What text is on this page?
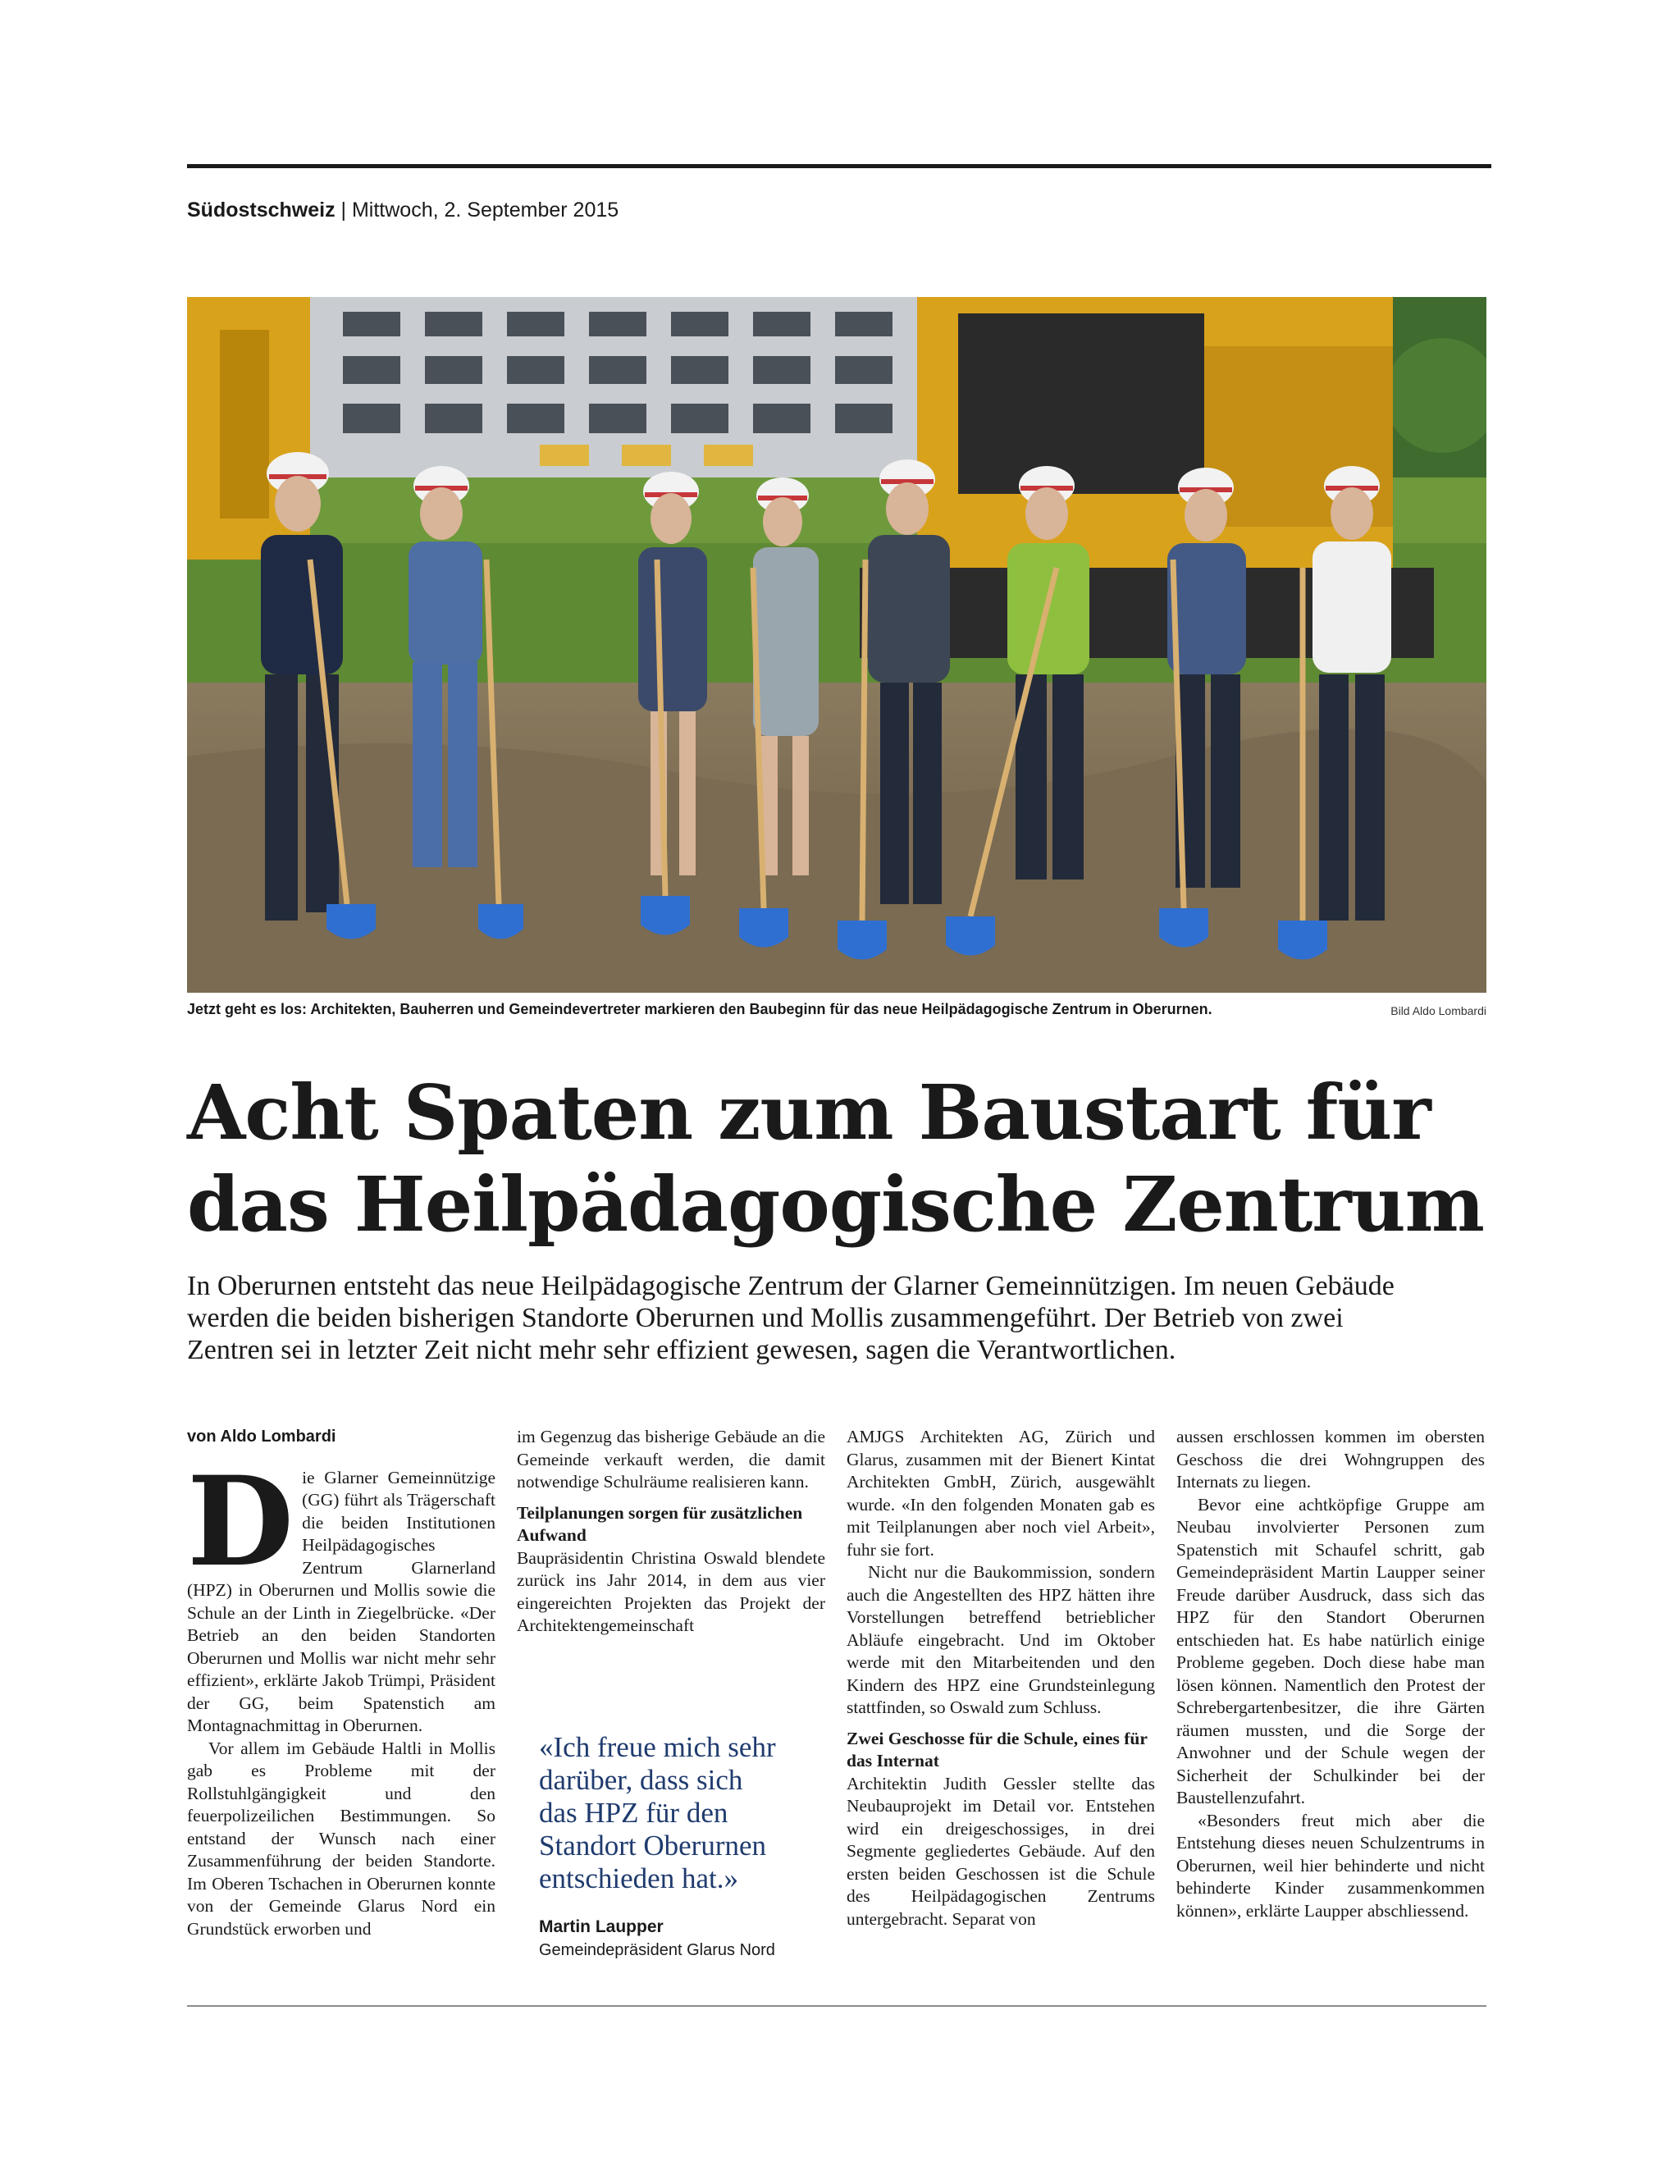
Südostschweiz | Mittwoch, 2. September 2015
Jetzt geht es los: Architekten, Bauherren und Gemeindevertreter markieren den Baubeginn für das neue Heilpädagogische Zentrum in Oberurnen.	Bild Aldo Lombardi
Acht Spaten zum Baustart für
das Heilpädagogische Zentrum
In Oberurnen entsteht das neue Heilpädagogische Zentrum der Glarner Gemeinnützigen. Im neuen Gebäude
werden die beiden bisherigen Standorte Oberurnen und Mollis zusammengeführt. Der Betrieb von zwei
Zentren sei in letzter Zeit nicht mehr sehr effizient gewesen, sagen die Verantwortlichen.
von Aldo Lombardi

Die Glarner Gemeinnützige (GG) führt als Trägerschaft die beiden Institutionen Heilpädagogisches Zentrum Glarnerland (HPZ) in Oberurnen und Mollis sowie die Schule an der Linth in Ziegelbrücke. «Der Betrieb an den beiden Standorten Oberurnen und Mollis war nicht mehr sehr effizient», erklärte Jakob Trümpi, Präsident der GG, beim Spatenstich am Montagnachmittag in Oberurnen.

Vor allem im Gebäude Haltli in Mollis gab es Probleme mit der Rollstuhlgängigkeit und den feuerpolizeilichen Bestimmungen. So entstand der Wunsch nach einer Zusammenführung der beiden Standorte. Im Oberen Tschachen in Oberurnen konnte von der Gemeinde Glarus Nord ein Grundstück erworben und

im Gegenzug das bisherige Gebäude an die Gemeinde verkauft werden, die damit notwendige Schulräume realisieren kann.

Teilplanungen sorgen für zusätzlichen Aufwand

Baupräsidentin Christina Oswald blendete zurück ins Jahr 2014, in dem aus vier eingereichten Projekten das Projekt der Architektengemeinschaft

«Ich freue mich sehr
darüber, dass sich
das HPZ für den
Standort Oberurnen
entschieden hat.»
Martin Laupper
Gemeindepräsident Glarus Nord

AMJGS Architekten AG, Zürich und Glarus, zusammen mit der Bienert Kintat Architekten GmbH, Zürich, ausgewählt wurde. «In den folgenden Monaten gab es mit Teilplanungen aber noch viel Arbeit», fuhr sie fort.

Nicht nur die Baukommission, sondern auch die Angestellten des HPZ hätten ihre Vorstellungen betreffend betrieblicher Abläufe eingebracht. Und im Oktober werde mit den Mitarbeitenden und den Kindern des HPZ eine Grundsteinlegung stattfinden, so Oswald zum Schluss.

Zwei Geschosse für die Schule, eines für das Internat

Architektin Judith Gessler stellte das Neubauprojekt im Detail vor. Entstehen wird ein dreigeschossiges, in drei Segmente gegliedertes Gebäude. Auf den ersten beiden Geschossen ist die Schule des Heilpädagogischen Zentrums untergebracht. Separat von

aussen erschlossen kommen im obersten Geschoss die drei Wohngruppen des Internats zu liegen.

Bevor eine achtköpfige Gruppe am Neubau involvierter Personen zum Spatenstich mit Schaufel schritt, gab Gemeindepräsident Martin Laupper seiner Freude darüber Ausdruck, dass sich das HPZ für den Standort Oberurnen entschieden hat. Es habe natürlich einige Probleme gegeben. Doch diese habe man lösen können. Namentlich den Protest der Schrebergartenbesitzer, die ihre Gärten räumen mussten, und die Sorge der Anwohner und der Schule wegen der Sicherheit der Schulkinder bei der Baustellenzufahrt.

«Besonders freut mich aber die Entstehung dieses neuen Schulzentrums in Oberurnen, weil hier behinderte und nicht behinderte Kinder zusammenkommen können», erklärte Laupper abschliessend.
